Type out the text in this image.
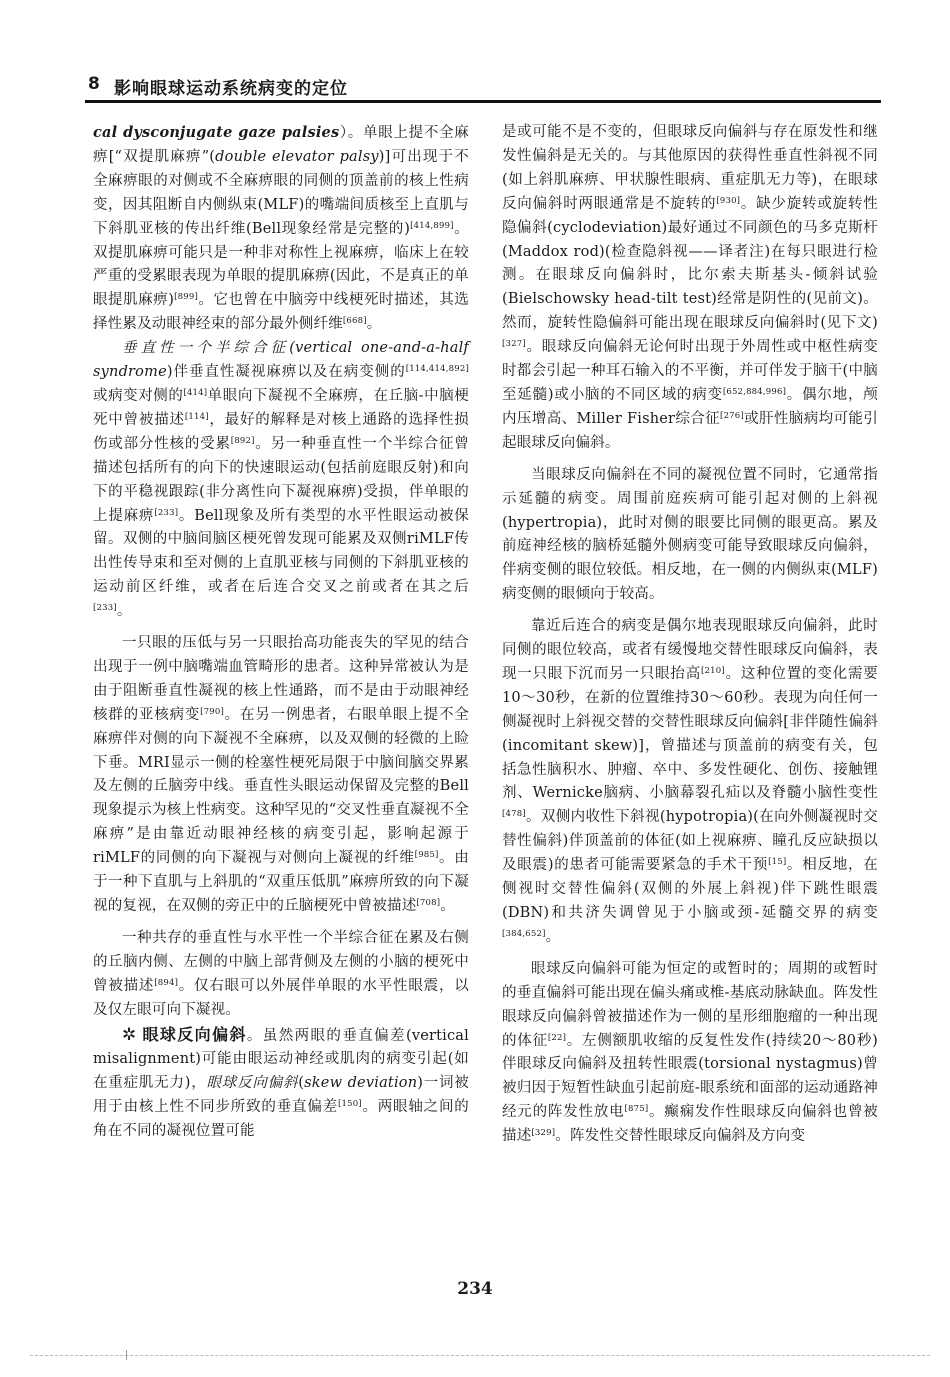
8 影响眼球运动系统病变的定位

cal dysconjugate gaze palsies）。单眼上提不全麻痹[“双提肌麻痹”(double elevator palsy)]可出现于不全麻痹眼的对侧或不全麻痹眼的同侧的顶盖前的核上性病变，因其阻断自内侧纵束(MLF)的嘴端间质核至上直肌与下斜肌亚核的传出纤维(Bell现象经常是完整的)[414,899]。双提肌麻痹可能只是一种非对称性上视麻痹，临床上在较严重的受累眼表现为单眼的提肌麻痹(因此，不是真正的单眼提肌麻痹)[899]。它也曾在中脑旁中线梗死时描述，其选择性累及动眼神经束的部分最外侧纤维[668]。

垂直性一个半综合征(vertical one-and-a-half syndrome)伴垂直性凝视麻痹以及在病变侧的[114,414,892]或病变对侧的[414]单眼向下凝视不全麻痹，在丘脑-中脑梗死中曾被描述[114]，最好的解释是对核上通路的选择性损伤或部分性核的受累[892]。另一种垂直性一个半综合征曾描述包括所有的向下的快速眼运动(包括前庭眼反射)和向下的平稳视跟踪(非分离性向下凝视麻痹)受损，伴单眼的上提麻痹[233]。Bell现象及所有类型的水平性眼运动被保留。双侧的中脑间脑区梗死曾发现可能累及双侧riMLF传出性传导束和至对侧的上直肌亚核与同侧的下斜肌亚核的运动前区纤维，或者在后连合交叉之前或者在其之后[233]。

一只眼的压低与另一只眼抬高功能丧失的罕见的结合出现于一例中脑嘴端血管畸形的患者。这种异常被认为是由于阻断垂直性凝视的核上性通路，而不是由于动眼神经核群的亚核病变[790]。在另一例患者，右眼单眼上提不全麻痹伴对侧的向下凝视不全麻痹，以及双侧的轻微的上睑下垂。MRI显示一侧的栓塞性梗死局限于中脑间脑交界累及左侧的丘脑旁中线。垂直性头眼运动保留及完整的Bell现象提示为核上性病变。这种罕见的“交叉性垂直凝视不全麻痹”是由靠近动眼神经核的病变引起，影响起源于riMLF的同侧的向下凝视与对侧向上凝视的纤维[985]。由于一种下直肌与上斜肌的“双重压低肌”麻痹所致的向下凝视的复视，在双侧的旁正中的丘脑梗死中曾被描述[708]。

一种共存的垂直性与水平性一个半综合征在累及右侧的丘脑内侧、左侧的中脑上部背侧及左侧的小脑的梗死中曾被描述[894]。仅右眼可以外展伴单眼的水平性眼震，以及仅左眼可向下凝视。

✲ 眼球反向偏斜。虽然两眼的垂直偏差(vertical misalignment)可能由眼运动神经或肌肉的病变引起(如在重症肌无力)，眼球反向偏斜(skew deviation)一词被用于由核上性不同步所致的垂直偏差[150]。两眼轴之间的角在不同的凝视位置可能

是或可能不是不变的，但眼球反向偏斜与存在原发性和继发性偏斜是无关的。与其他原因的获得性垂直性斜视不同(如上斜肌麻痹、甲状腺性眼病、重症肌无力等)，在眼球反向偏斜时两眼通常是不旋转的[930]。缺少旋转或旋转性隐偏斜(cyclodeviation)最好通过不同颜色的马多克斯杆(Maddox rod)(检查隐斜视——译者注)在每只眼进行检测。在眼球反向偏斜时，比尔索夫斯基头-倾斜试验(Bielschowsky head-tilt test)经常是阴性的(见前文)。然而，旋转性隐偏斜可能出现在眼球反向偏斜时(见下文)[327]。眼球反向偏斜无论何时出现于外周性或中枢性病变时都会引起一种耳石输入的不平衡，并可伴发于脑干(中脑至延髓)或小脑的不同区域的病变[652,884,996]。偶尔地，颅内压增高、Miller Fisher综合征[276]或肝性脑病均可能引起眼球反向偏斜。

当眼球反向偏斜在不同的凝视位置不同时，它通常指示延髓的病变。周围前庭疾病可能引起对侧的上斜视(hypertropia)，此时对侧的眼要比同侧的眼更高。累及前庭神经核的脑桥延髓外侧病变可能导致眼球反向偏斜，伴病变侧的眼位较低。相反地，在一侧的内侧纵束(MLF)病变侧的眼倾向于较高。

靠近后连合的病变是偶尔地表现眼球反向偏斜，此时同侧的眼位较高，或者有缓慢地交替性眼球反向偏斜，表现一只眼下沉而另一只眼抬高[210]。这种位置的变化需要10～30秒，在新的位置维持30～60秒。表现为向任何一侧凝视时上斜视交替的交替性眼球反向偏斜[非伴随性偏斜(incomitant skew)]，曾描述与顶盖前的病变有关，包括急性脑积水、肿瘤、卒中、多发性硬化、创伤、接触锂剂、Wernicke脑病、小脑幕裂孔疝以及脊髓小脑性变性[478]。双侧内收性下斜视(hypotropia)(在向外侧凝视时交替性偏斜)伴顶盖前的体征(如上视麻痹、瞳孔反应缺损以及眼震)的患者可能需要紧急的手术干预[15]。相反地，在侧视时交替性偏斜(双侧的外展上斜视)伴下跳性眼震(DBN)和共济失调曾见于小脑或颈-延髓交界的病变[384,652]。

眼球反向偏斜可能为恒定的或暂时的；周期的或暂时的垂直偏斜可能出现在偏头痛或椎-基底动脉缺血。阵发性眼球反向偏斜曾被描述作为一侧的星形细胞瘤的一种出现的体征[22]。左侧额肌收缩的反复性发作(持续20～80秒)伴眼球反向偏斜及扭转性眼震(torsional nystagmus)曾被归因于短暂性缺血引起前庭-眼系统和面部的运动通路神经元的阵发性放电[875]。癫痫发作性眼球反向偏斜也曾被描述[329]。阵发性交替性眼球反向偏斜及方向变

234
